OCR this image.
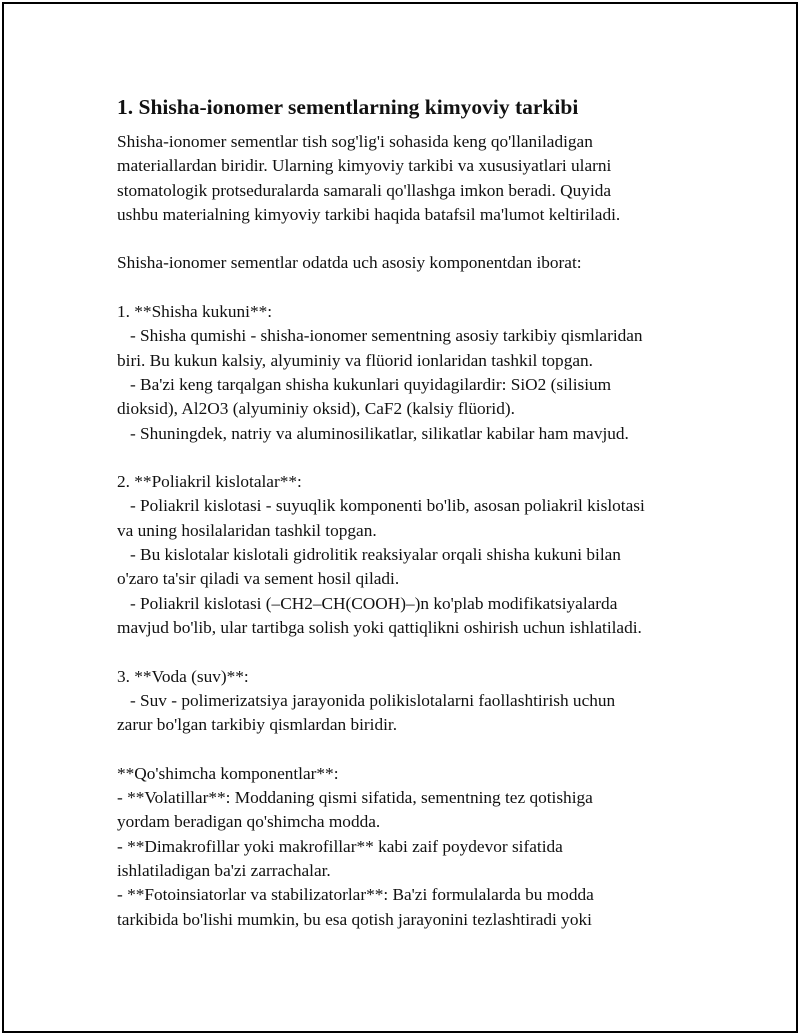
1. Shisha-ionomer sementlarning kimyoviy tarkibi

Shisha-ionomer sementlar tish sog'lig'i sohasida keng qo'llaniladigan

materiallardan biridir. Ularning kimyoviy tarkibi va xususiyatlari ularni

stomatologik protseduralarda samarali qo'llashga imkon beradi. Quyida

ushbu materialning kimyoviy tarkibi haqida batafsil ma'lumot keltiriladi.

Shisha-ionomer sementlar odatda uch asosiy komponentdan iborat:

1. **Shisha kukuni**:

- Shisha qumishi - shisha-ionomer sementning asosiy tarkibiy qismlaridan

biri. Bu kukun kalsiy, alyuminiy va flüorid ionlaridan tashkil topgan.

- Ba'zi keng tarqalgan shisha kukunlari quyidagilardir: SiO2 (silisium

dioksid), Al2O3 (alyuminiy oksid), CaF2 (kalsiy flüorid).

- Shuningdek, natriy va aluminosilikatlar, silikatlar kabilar ham mavjud.

2. **Poliakril kislotalar**:

- Poliakril kislotasi - suyuqlik komponenti bo'lib, asosan poliakril kislotasi

va uning hosilalaridan tashkil topgan.

- Bu kislotalar kislotali gidrolitik reaksiyalar orqali shisha kukuni bilan

o'zaro ta'sir qiladi va sement hosil qiladi.

- Poliakril kislotasi (–CH2–CH(COOH)–)n ko'plab modifikatsiyalarda

mavjud bo'lib, ular tartibga solish yoki qattiqlikni oshirish uchun ishlatiladi.

3. **Voda (suv)**:

- Suv - polimerizatsiya jarayonida polikislotalarni faollashtirish uchun

zarur bo'lgan tarkibiy qismlardan biridir.

**Qo'shimcha komponentlar**:

- **Volatillar**: Moddaning qismi sifatida, sementning tez qotishiga

yordam beradigan qo'shimcha modda.

- **Dimakrofillar yoki makrofillar** kabi zaif poydevor sifatida

ishlatiladigan ba'zi zarrachalar.

- **Fotoinsiatorlar va stabilizatorlar**: Ba'zi formulalarda bu modda

tarkibida bo'lishi mumkin, bu esa qotish jarayonini tezlashtiradi yoki
